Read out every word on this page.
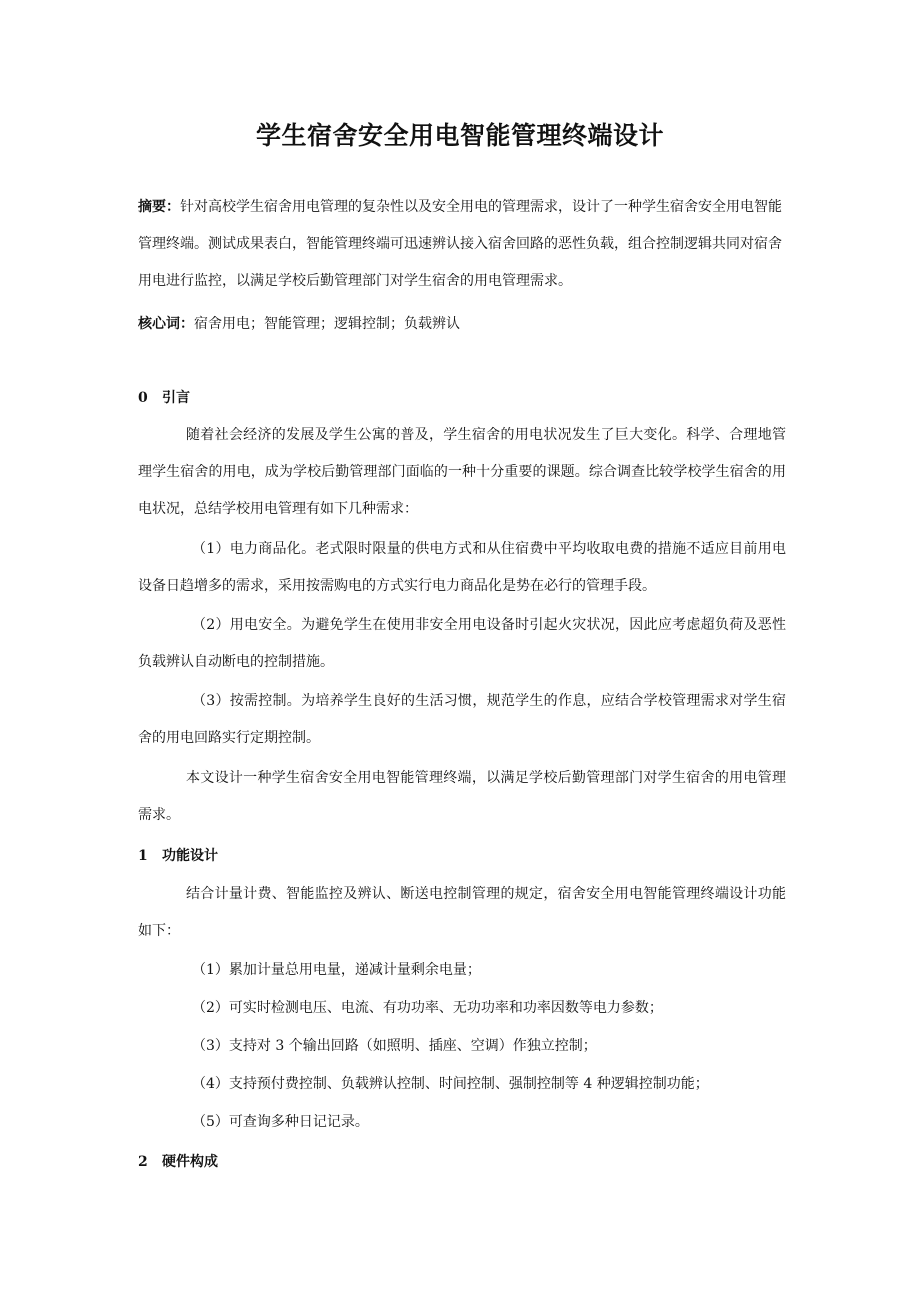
学生宿舍安全用电智能管理终端设计
摘要：针对高校学生宿舍用电管理的复杂性以及安全用电的管理需求，设计了一种学生宿舍安全用电智能管理终端。测试成果表白，智能管理终端可迅速辨认接入宿舍回路的恶性负载，组合控制逻辑共同对宿舍用电进行监控，以满足学校后勤管理部门对学生宿舍的用电管理需求。
核心词：宿舍用电；智能管理；逻辑控制；负载辨认
0 引言
随着社会经济的发展及学生公寓的普及，学生宿舍的用电状况发生了巨大变化。科学、合理地管理学生宿舍的用电，成为学校后勤管理部门面临的一种十分重要的课题。综合调查比较学校学生宿舍的用电状况，总结学校用电管理有如下几种需求：
（1）电力商品化。老式限时限量的供电方式和从住宿费中平均收取电费的措施不适应目前用电设备日趋增多的需求，采用按需购电的方式实行电力商品化是势在必行的管理手段。
（2）用电安全。为避免学生在使用非安全用电设备时引起火灾状况，因此应考虑超负荷及恶性负载辨认自动断电的控制措施。
（3）按需控制。为培养学生良好的生活习惯，规范学生的作息，应结合学校管理需求对学生宿舍的用电回路实行定期控制。
本文设计一种学生宿舍安全用电智能管理终端，以满足学校后勤管理部门对学生宿舍的用电管理需求。
1 功能设计
结合计量计费、智能监控及辨认、断送电控制管理的规定，宿舍安全用电智能管理终端设计功能如下：
（1）累加计量总用电量，递减计量剩余电量；
（2）可实时检测电压、电流、有功功率、无功功率和功率因数等电力参数；
（3）支持对 3 个输出回路（如照明、插座、空调）作独立控制；
（4）支持预付费控制、负载辨认控制、时间控制、强制控制等 4 种逻辑控制功能；
（5）可查询多种日记记录。
2 硬件构成
